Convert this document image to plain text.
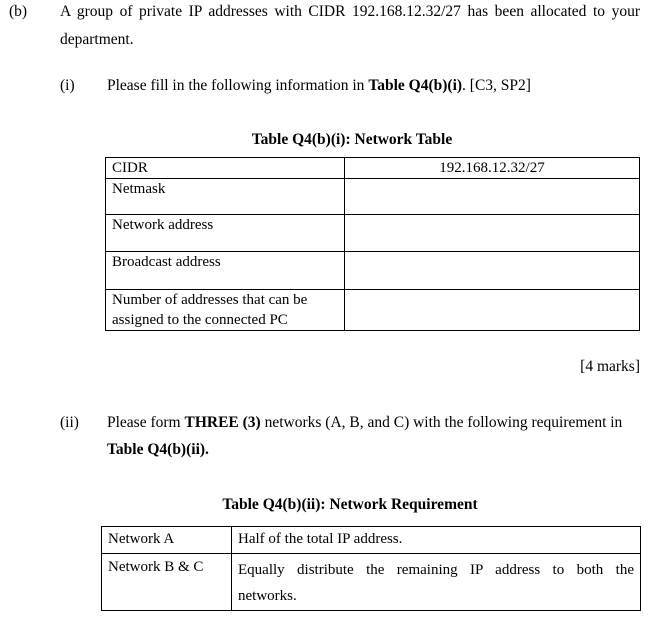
(b) A group of private IP addresses with CIDR 192.168.12.32/27 has been allocated to your
department.
(i) Please fill in the following information in Table Q4(b)(i). [C3, SP2]
Table Q4(b)(i): Network Table
CIDR	192.168.12.32/27
Netmask	
Network address	
Broadcast address	

Number of addresses that can be
assigned to the connected PC	

[4 marks]
(ii) Please form THREE (3) networks (A, B, and C) with the following requirement in
Table Q4(b)(ii).
Table Q4(b)(ii): Network Requirement
Network A	Half of the total IP address.
Network B & C	Equally distribute the remaining IP address to both the
networks.
